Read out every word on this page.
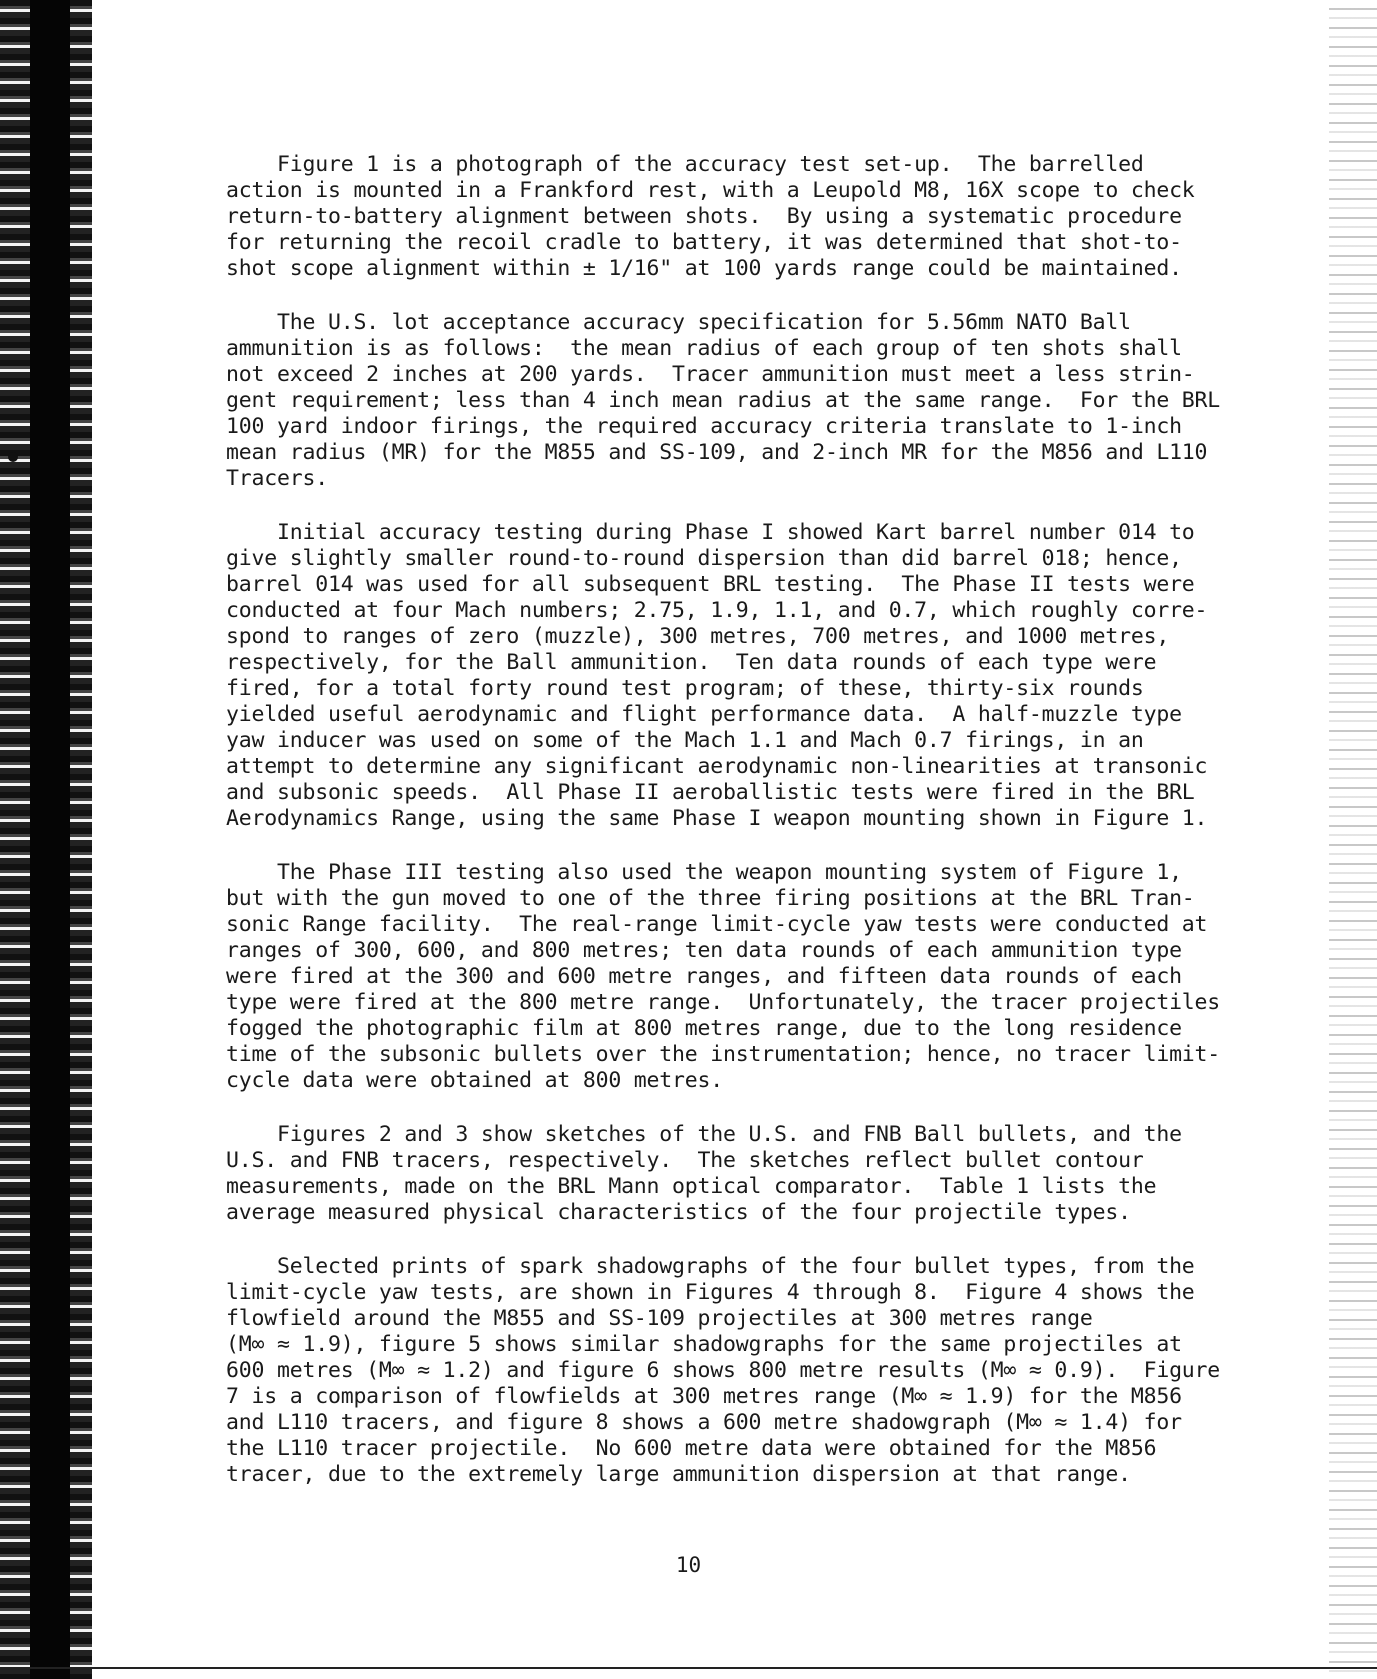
Figure 1 is a photograph of the accuracy test set-up.  The barrelled
action is mounted in a Frankford rest, with a Leupold M8, 16X scope to check
return-to-battery alignment between shots.  By using a systematic procedure
for returning the recoil cradle to battery, it was determined that shot-to-
shot scope alignment within ± 1/16" at 100 yards range could be maintained.

The U.S. lot acceptance accuracy specification for 5.56mm NATO Ball
ammunition is as follows:  the mean radius of each group of ten shots shall
not exceed 2 inches at 200 yards.  Tracer ammunition must meet a less strin-
gent requirement; less than 4 inch mean radius at the same range.  For the BRL
100 yard indoor firings, the required accuracy criteria translate to 1-inch
mean radius (MR) for the M855 and SS-109, and 2-inch MR for the M856 and L110
Tracers.

Initial accuracy testing during Phase I showed Kart barrel number 014 to
give slightly smaller round-to-round dispersion than did barrel 018; hence,
barrel 014 was used for all subsequent BRL testing.  The Phase II tests were
conducted at four Mach numbers; 2.75, 1.9, 1.1, and 0.7, which roughly corre-
spond to ranges of zero (muzzle), 300 metres, 700 metres, and 1000 metres,
respectively, for the Ball ammunition.  Ten data rounds of each type were
fired, for a total forty round test program; of these, thirty-six rounds
yielded useful aerodynamic and flight performance data.  A half-muzzle type
yaw inducer was used on some of the Mach 1.1 and Mach 0.7 firings, in an
attempt to determine any significant aerodynamic non-linearities at transonic
and subsonic speeds.  All Phase II aeroballistic tests were fired in the BRL
Aerodynamics Range, using the same Phase I weapon mounting shown in Figure 1.

The Phase III testing also used the weapon mounting system of Figure 1,
but with the gun moved to one of the three firing positions at the BRL Tran-
sonic Range facility.  The real-range limit-cycle yaw tests were conducted at
ranges of 300, 600, and 800 metres; ten data rounds of each ammunition type
were fired at the 300 and 600 metre ranges, and fifteen data rounds of each
type were fired at the 800 metre range.  Unfortunately, the tracer projectiles
fogged the photographic film at 800 metres range, due to the long residence
time of the subsonic bullets over the instrumentation; hence, no tracer limit-
cycle data were obtained at 800 metres.

Figures 2 and 3 show sketches of the U.S. and FNB Ball bullets, and the
U.S. and FNB tracers, respectively.  The sketches reflect bullet contour
measurements, made on the BRL Mann optical comparator.  Table 1 lists the
average measured physical characteristics of the four projectile types.

Selected prints of spark shadowgraphs of the four bullet types, from the
limit-cycle yaw tests, are shown in Figures 4 through 8.  Figure 4 shows the
flowfield around the M855 and SS-109 projectiles at 300 metres range
(M∞ ≈ 1.9), figure 5 shows similar shadowgraphs for the same projectiles at
600 metres (M∞ ≈ 1.2) and figure 6 shows 800 metre results (M∞ ≈ 0.9).  Figure
7 is a comparison of flowfields at 300 metres range (M∞ ≈ 1.9) for the M856
and L110 tracers, and figure 8 shows a 600 metre shadowgraph (M∞ ≈ 1.4) for
the L110 tracer projectile.  No 600 metre data were obtained for the M856
tracer, due to the extremely large ammunition dispersion at that range.

10
